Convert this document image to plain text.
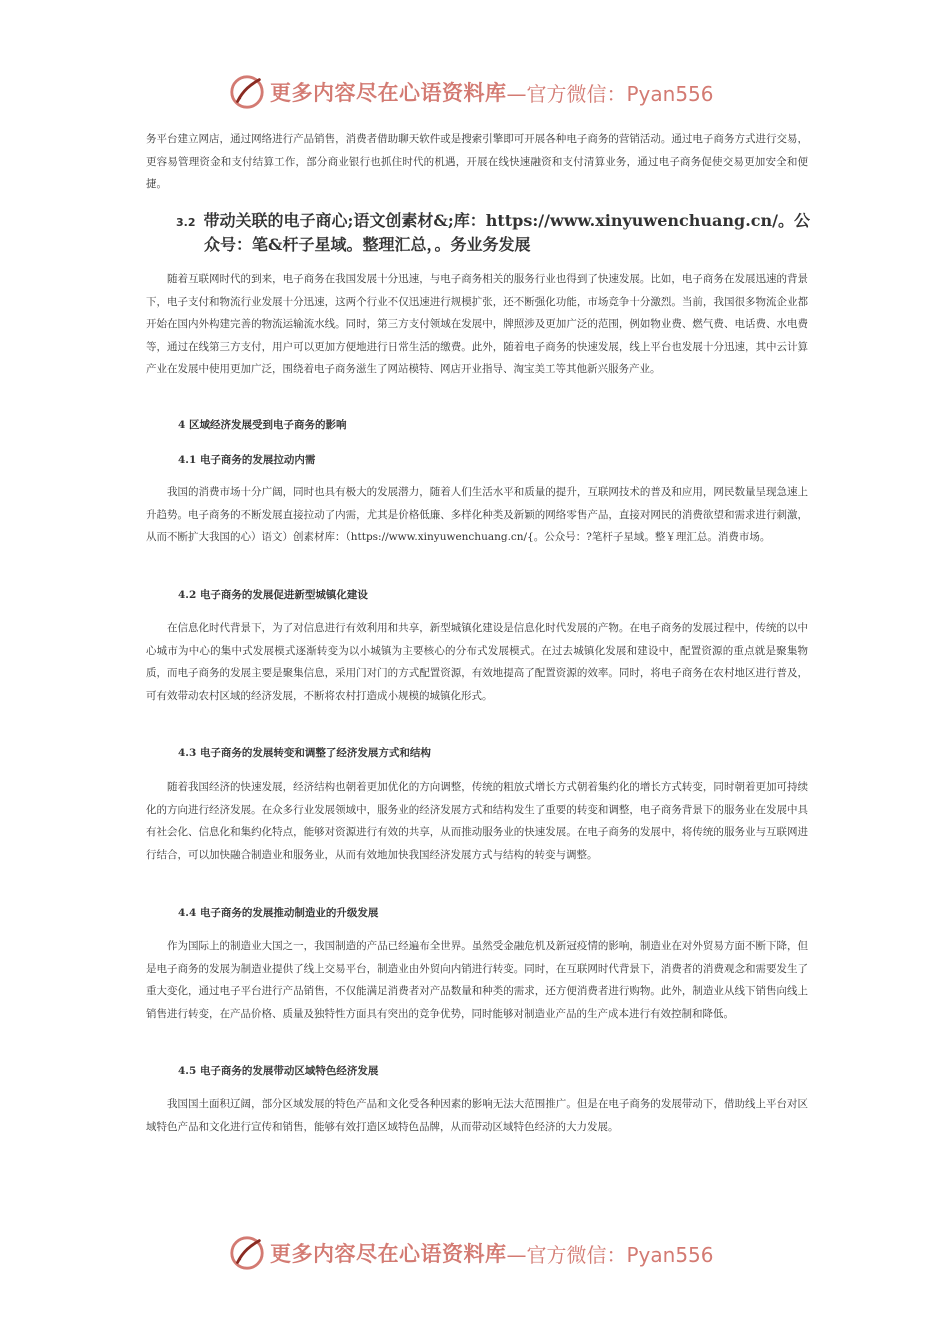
更多内容尽在心语资料库 —官方微信：Pyan556

务平台建立网店，通过网络进行产品销售，消费者借助聊天软件或是搜索引擎即可开展各种电子商务的营销活动。通过电子商务方式进行交易，更容易管理资金和支付结算工作，部分商业银行也抓住时代的机遇，开展在线快速融资和支付清算业务，通过电子商务促使交易更加安全和便捷。

3.2 带动关联的电子商心;语文创素材&;库：https://www.xinyuwenchuang.cn/。公
众号：笔&杆子星域。整理汇总，。务业务发展

随着互联网时代的到来，电子商务在我国发展十分迅速，与电子商务相关的服务行业也得到了快速发展。比如，电子商务在发展迅速的背景下，电子支付和物流行业发展十分迅速，这两个行业不仅迅速进行规模扩张，还不断强化功能，市场竞争十分激烈。当前，我国很多物流企业都开始在国内外构建完善的物流运输流水线。同时，第三方支付领域在发展中，牌照涉及更加广泛的范围，例如物业费、燃气费、电话费、水电费等，通过在线第三方支付，用户可以更加方便地进行日常生活的缴费。此外，随着电子商务的快速发展，线上平台也发展十分迅速，其中云计算产业在发展中使用更加广泛，围绕着电子商务滋生了网站模特、网店开业指导、淘宝美工等其他新兴服务产业。

4 区域经济发展受到电子商务的影响
4.1 电子商务的发展拉动内需

我国的消费市场十分广阔，同时也具有极大的发展潜力，随着人们生活水平和质量的提升，互联网技术的普及和应用，网民数量呈现急速上升趋势。电子商务的不断发展直接拉动了内需，尤其是价格低廉、多样化种类及新颖的网络零售产品，直接对网民的消费欲望和需求进行刺激，从而不断扩大我国的心）语文）创素材库：（https://www.xinyuwenchuang.cn/{。公众号：?笔杆子星域。整￥理汇总。消费市场。

4.2 电子商务的发展促进新型城镇化建设

在信息化时代背景下，为了对信息进行有效利用和共享，新型城镇化建设是信息化时代发展的产物。在电子商务的发展过程中，传统的以中心城市为中心的集中式发展模式逐渐转变为以小城镇为主要核心的分布式发展模式。在过去城镇化发展和建设中，配置资源的重点就是聚集物质，而电子商务的发展主要是聚集信息，采用门对门的方式配置资源，有效地提高了配置资源的效率。同时，将电子商务在农村地区进行普及，可有效带动农村区域的经济发展，不断将农村打造成小规模的城镇化形式。

4.3 电子商务的发展转变和调整了经济发展方式和结构

随着我国经济的快速发展，经济结构也朝着更加优化的方向调整，传统的粗放式增长方式朝着集约化的增长方式转变，同时朝着更加可持续化的方向进行经济发展。在众多行业发展领域中，服务业的经济发展方式和结构发生了重要的转变和调整，电子商务背景下的服务业在发展中具有社会化、信息化和集约化特点，能够对资源进行有效的共享，从而推动服务业的快速发展。在电子商务的发展中，将传统的服务业与互联网进行结合，可以加快融合制造业和服务业，从而有效地加快我国经济发展方式与结构的转变与调整。

4.4 电子商务的发展推动制造业的升级发展

作为国际上的制造业大国之一，我国制造的产品已经遍布全世界。虽然受金融危机及新冠疫情的影响，制造业在对外贸易方面不断下降，但是电子商务的发展为制造业提供了线上交易平台，制造业由外贸向内销进行转变。同时，在互联网时代背景下，消费者的消费观念和需要发生了重大变化，通过电子平台进行产品销售，不仅能满足消费者对产品数量和种类的需求，还方便消费者进行购物。此外，制造业从线下销售向线上销售进行转变，在产品价格、质量及独特性方面具有突出的竞争优势，同时能够对制造业产品的生产成本进行有效控制和降低。

4.5 电子商务的发展带动区域特色经济发展

我国国土面积辽阔，部分区域发展的特色产品和文化受各种因素的影响无法大范围推广。但是在电子商务的发展带动下，借助线上平台对区域特色产品和文化进行宣传和销售，能够有效打造区域特色品牌，从而带动区域特色经济的大力发展。

更多内容尽在心语资料库 —官方微信：Pyan556
